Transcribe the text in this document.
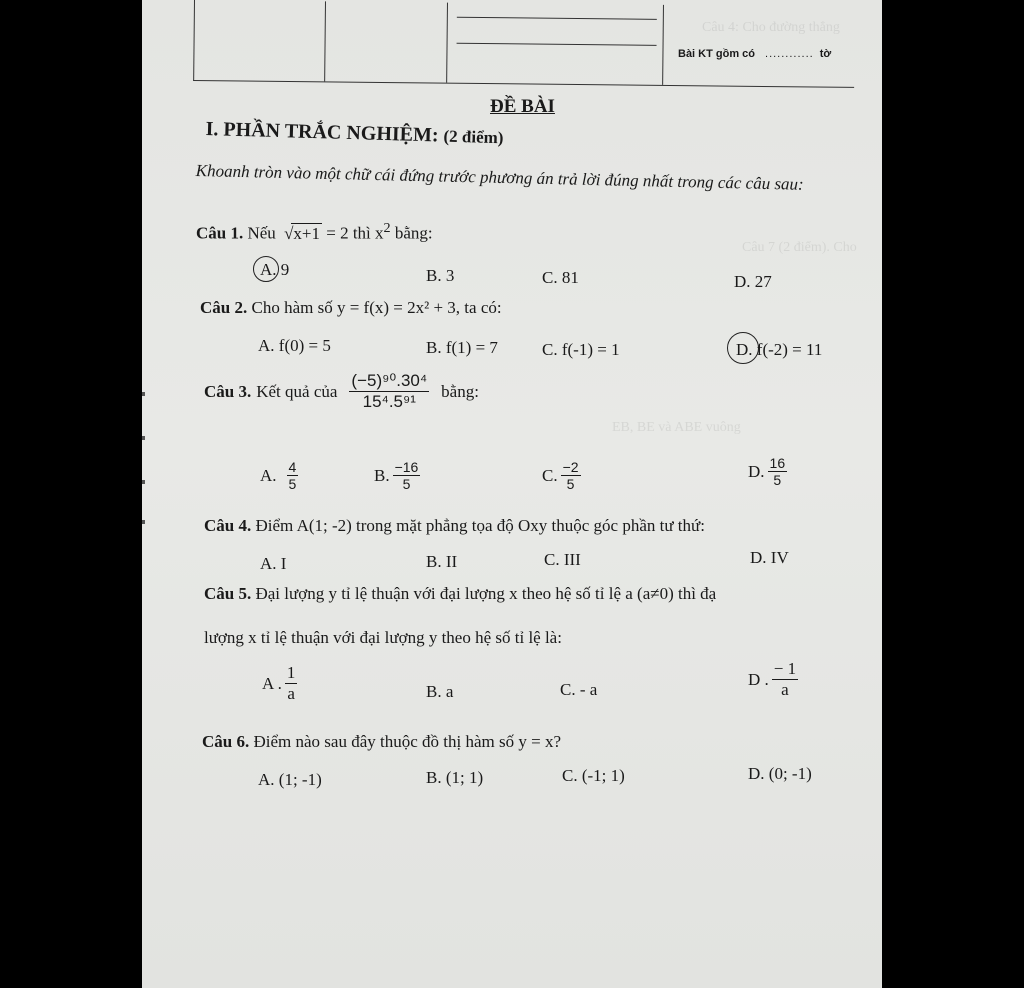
Bài KT gồm có ............ tờ
Câu 4: Cho đường thẳng
Câu 7 (2 điểm). Cho
EB, BE và ABE vuông
ĐỀ BÀI
I. PHẦN TRẮC NGHIỆM: (2 điểm)
Khoanh tròn vào một chữ cái đứng trước phương án trả lời đúng nhất trong các câu sau:
Câu 1. Nếu √x+1 = 2 thì $x^2$ bằng:
A. 9	B. 3	C. 81	D. 27
Câu 2. Cho hàm số y = f(x) = 2x² + 3, ta có:
A. f(0) = 5	B. f(1) = 7	C. f(-1) = 1	D. f(-2) = 11
Câu 3. Kết quả của $\frac{\text{(−5)⁹⁰.30⁴}}{\text{15⁴.5⁹¹}}$ bằng:
A. $\frac{4}{5}$	B. $\frac{-16}{5}$	C. $\frac{-2}{5}$	D. $\frac{16}{5}$
Câu 4. Điểm A(1; -2) trong mặt phẳng tọa độ Oxy thuộc góc phần tư thứ:
A. I	B. II	C. III	D. IV
Câu 5. Đại lượng y tỉ lệ thuận với đại lượng x theo hệ số tỉ lệ a (a≠0) thì đạ
lượng x tỉ lệ thuận với đại lượng y theo hệ số tỉ lệ là:
A . $\frac{1}{a}$	B. a	C. - a
D . $\frac{- 1}{a}$
Câu 6. Điểm nào sau đây thuộc đồ thị hàm số y = x?
A. (1; -1)	B. (1; 1)	C. (-1; 1)	D. (0; -1)
